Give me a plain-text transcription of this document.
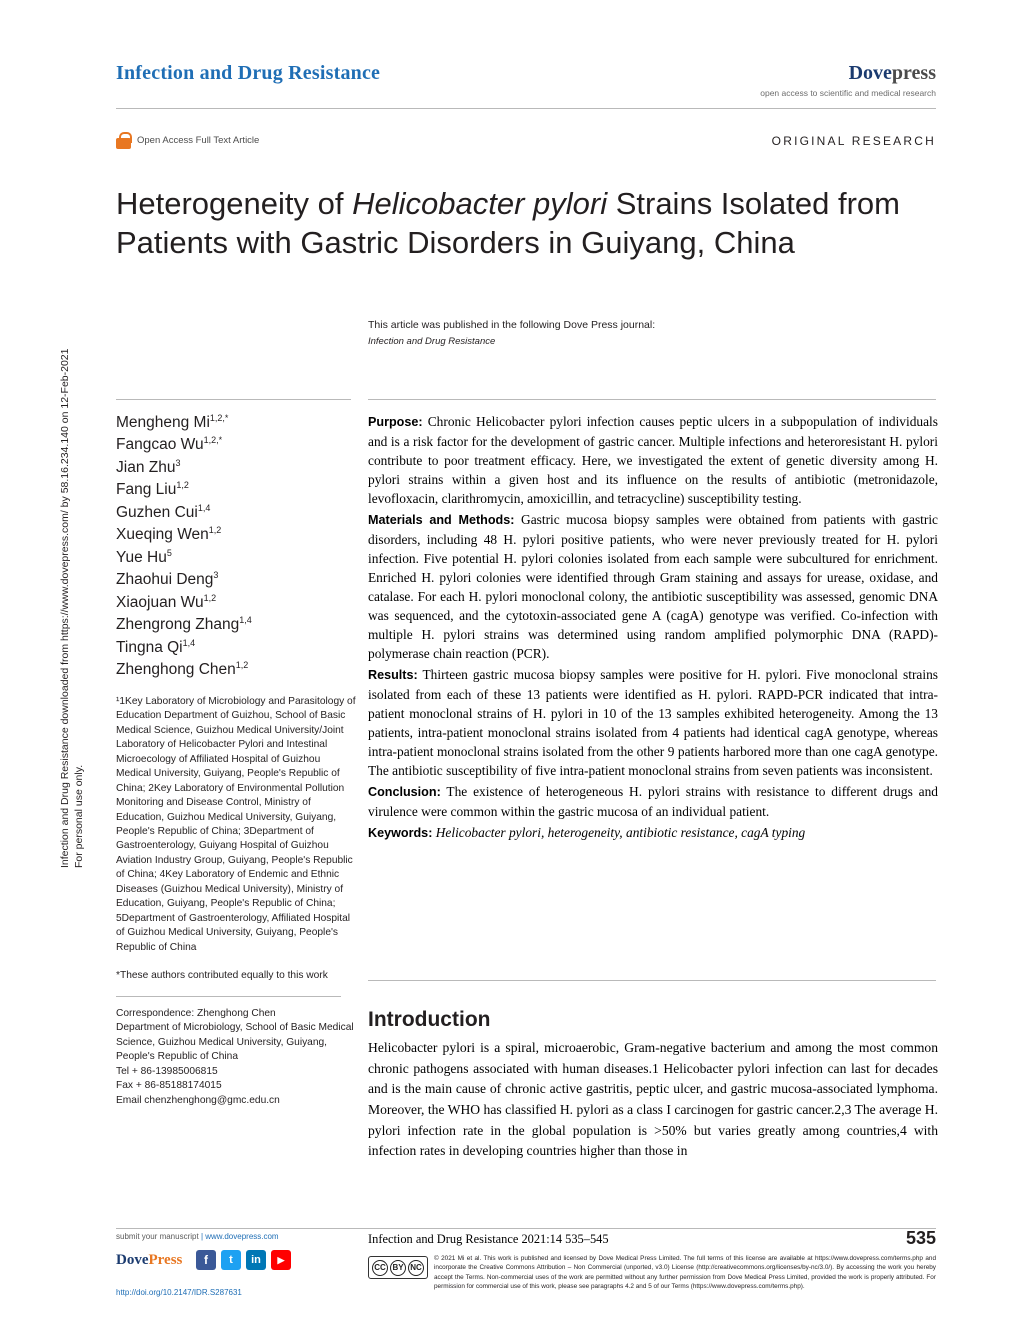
Infection and Drug Resistance downloaded from https://www.dovepress.com/ by 58.16.234.140 on 12-Feb-2021 For personal use only.
Infection and Drug Resistance	Dovepress
open access to scientific and medical research
Open Access Full Text Article	ORIGINAL RESEARCH
Heterogeneity of Helicobacter pylori Strains Isolated from Patients with Gastric Disorders in Guiyang, China
This article was published in the following Dove Press journal:
Infection and Drug Resistance
Mengheng $Mi^{1,2,*}$
Fangcao $Wu^{1,2,*}$
Jian Zhu$^3$
Fang Liu$^{1,2}$
Guzhen Cui$^{1,4}$
Xueqing Wen$^{1,2}$
Yue Hu$^5$
Zhaohui Deng$^3$
Xiaojuan Wu$^{1,2}$
Zhengrong Zhang$^{1,4}$
Tingna Qi$^{1,4}$
Zhenghong Chen$^{1,2}$
¹1Key Laboratory of Microbiology and Parasitology of Education Department of Guizhou, School of Basic Medical Science, Guizhou Medical University/Joint Laboratory of Helicobacter Pylori and Intestinal Microecology of Affiliated Hospital of Guizhou Medical University, Guiyang, People's Republic of China; 2Key Laboratory of Environmental Pollution Monitoring and Disease Control, Ministry of Education, Guizhou Medical University, Guiyang, People's Republic of China; 3Department of Gastroenterology, Guiyang Hospital of Guizhou Aviation Industry Group, Guiyang, People's Republic of China; 4Key Laboratory of Endemic and Ethnic Diseases (Guizhou Medical University), Ministry of Education, Guiyang, People's Republic of China; 5Department of Gastroenterology, Affiliated Hospital of Guizhou Medical University, Guiyang, People's Republic of China
*These authors contributed equally to this work
Correspondence: Zhenghong Chen
Department of Microbiology, School of Basic Medical Science, Guizhou Medical University, Guiyang, People's Republic of China
Tel + 86-13985006815
Fax + 86-85188174015
Email chenzhenghong@gmc.edu.cn

Purpose: Chronic Helicobacter pylori infection causes peptic ulcers in a subpopulation of individuals and is a risk factor for the development of gastric cancer. Multiple infections and heteroresistant H. pylori contribute to poor treatment efficacy. Here, we investigated the extent of genetic diversity among H. pylori strains within a given host and its influence on the results of antibiotic (metronidazole, levofloxacin, clarithromycin, amoxicillin, and tetracycline) susceptibility testing.

Materials and Methods: Gastric mucosa biopsy samples were obtained from patients with gastric disorders, including 48 H. pylori positive patients, who were never previously treated for H. pylori infection. Five potential H. pylori colonies isolated from each sample were subcultured for enrichment. Enriched H. pylori colonies were identified through Gram staining and assays for urease, oxidase, and catalase. For each H. pylori monoclonal colony, the antibiotic susceptibility was assessed, genomic DNA was sequenced, and the cytotoxin-associated gene A (cagA) genotype was verified. Co-infection with multiple H. pylori strains was determined using random amplified polymorphic DNA (RAPD)-polymerase chain reaction (PCR).

Results: Thirteen gastric mucosa biopsy samples were positive for H. pylori. Five monoclonal strains isolated from each of these 13 patients were identified as H. pylori. RAPD-PCR indicated that intra-patient monoclonal strains of H. pylori in 10 of the 13 samples exhibited heterogeneity. Among the 13 patients, intra-patient monoclonal strains isolated from 4 patients had identical cagA genotype, whereas intra-patient monoclonal strains isolated from the other 9 patients harbored more than one cagA genotype. The antibiotic susceptibility of five intra-patient monoclonal strains from seven patients was inconsistent.

Conclusion: The existence of heterogeneous H. pylori strains with resistance to different drugs and virulence were common within the gastric mucosa of an individual patient.

Keywords: Helicobacter pylori, heterogeneity, antibiotic resistance, cagA typing

Introduction
Helicobacter pylori is a spiral, microaerobic, Gram-negative bacterium and among the most common chronic pathogens associated with human diseases.1 Helicobacter pylori infection can last for decades and is the main cause of chronic active gastritis, peptic ulcer, and gastric mucosa-associated lymphoma. Moreover, the WHO has classified H. pylori as a class I carcinogen for gastric cancer.2,3 The average H. pylori infection rate in the global population is >50% but varies greatly among countries,4 with infection rates in developing countries higher than those in
submit your manuscript | www.dovepress.com
DovePress	f	t	in	▶
http://doi.org/10.2147/IDR.S287631
Infection and Drug Resistance 2021:14 535–545	535
CC BY NC
© 2021 Mi et al. This work is published and licensed by Dove Medical Press Limited. The full terms of this license are available at https://www.dovepress.com/terms.php and incorporate the Creative Commons Attribution – Non Commercial (unported, v3.0) License (http://creativecommons.org/licenses/by-nc/3.0/). By accessing the work you hereby accept the Terms. Non-commercial uses of the work are permitted without any further permission from Dove Medical Press Limited, provided the work is properly attributed. For permission for commercial use of this work, please see paragraphs 4.2 and 5 of our Terms (https://www.dovepress.com/terms.php).
